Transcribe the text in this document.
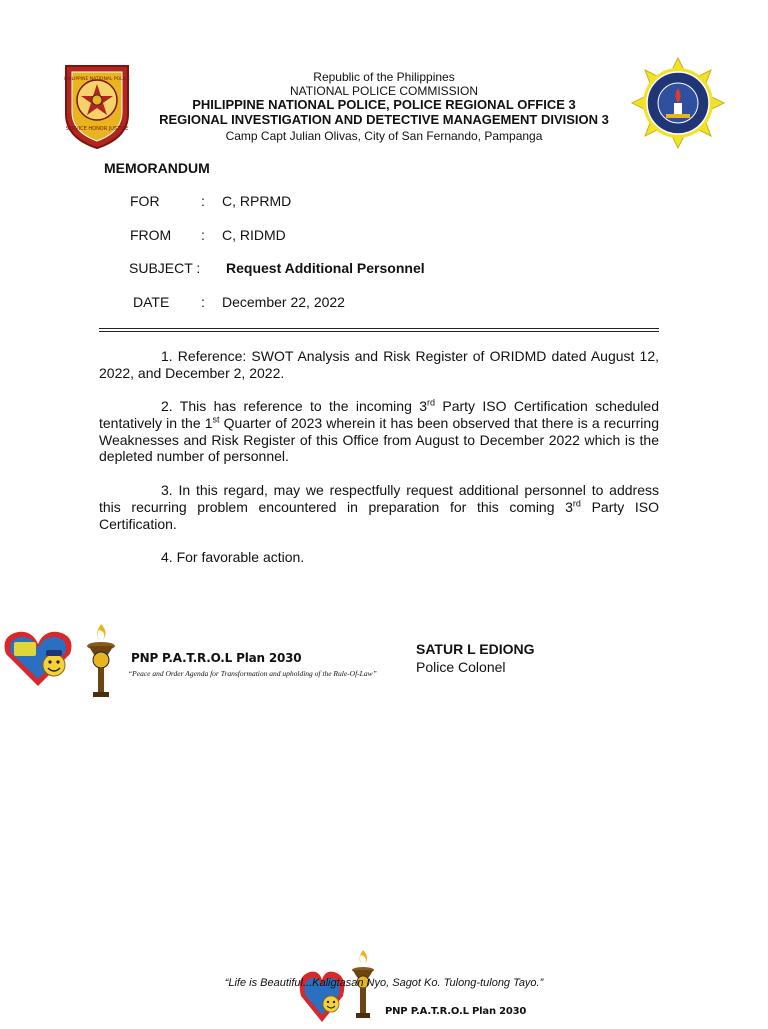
SERVICE HONOR JUSTICE
PHILIPPINE NATIONAL POLICE	Republic of the Philippines
NATIONAL POLICE COMMISSION
PHILIPPINE NATIONAL POLICE, POLICE REGIONAL OFFICE 3
REGIONAL INVESTIGATION AND DETECTIVE MANAGEMENT DIVISION 3
Camp Capt Julian Olivas, City of San Fernando, Pampanga
MEMORANDUM
FOR	: C, RPRMD
FROM : C, RIDMD
SUBJECT : Request Additional Personnel
DATE : December 22, 2022
1. Reference: SWOT Analysis and Risk Register of ORIDMD dated August 12, 2022, and December 2, 2022.
2. This has reference to the incoming 3rd Party ISO Certification scheduled tentatively in the 1st Quarter of 2023 wherein it has been observed that there is a recurring Weaknesses and Risk Register of this Office from August to December 2022 which is the depleted number of personnel.
3. In this regard, may we respectfully request additional personnel to address this recurring problem encountered in preparation for this coming 3rd Party ISO Certification.
4. For favorable action.
PNP P.A.T.R.O.L Plan 2030
“Peace and Order Agenda for Transformation and upholding of the Rule-Of-Law”
SATUR L EDIONG
Police Colonel
“Life is Beautiful...Kaligtasan Nyo, Sagot Ko. Tulong-tulong Tayo.”
PNP P.A.T.R.O.L Plan 2030
